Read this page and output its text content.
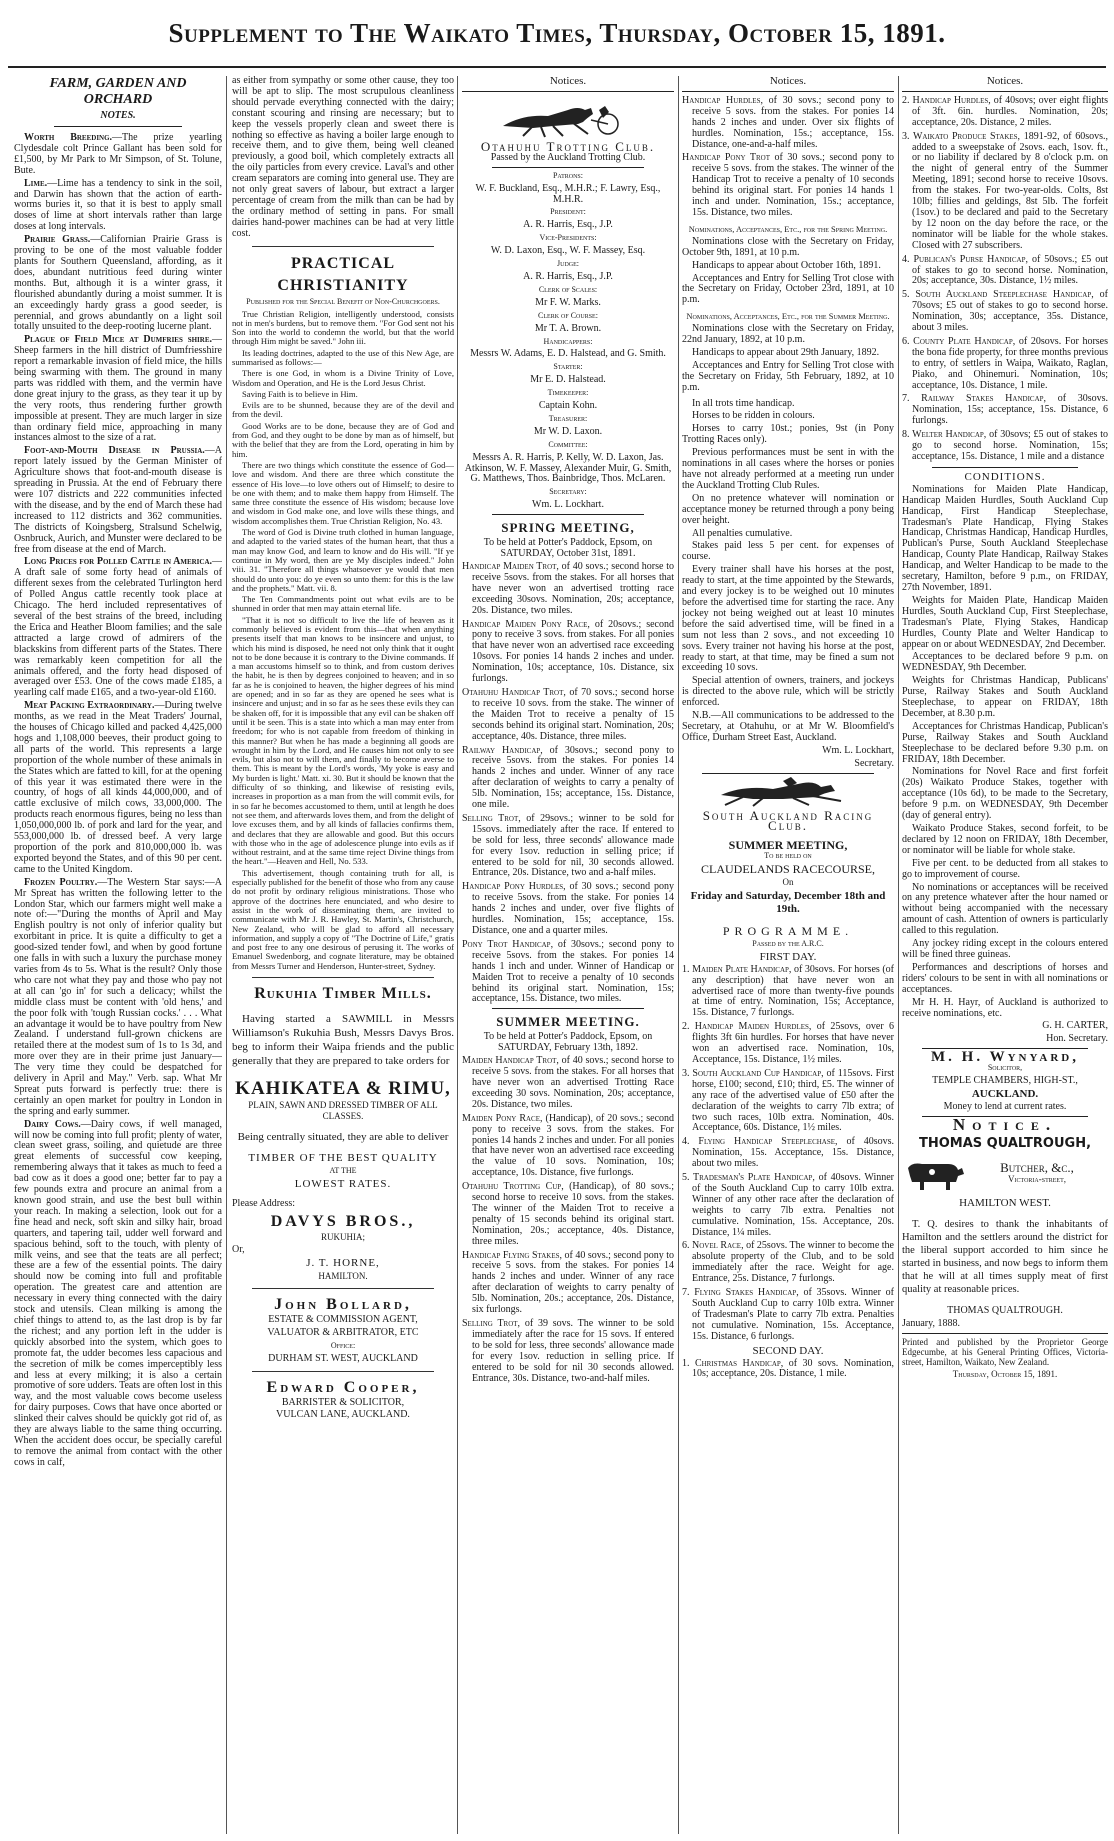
Supplement to The Waikato Times, Thursday, October 15, 1891.
FARM, GARDEN AND ORCHARD
NOTES.

Worth Breeding.—The prize yearling Clydesdale colt Prince Gallant has been sold for £1,500, by Mr Park to Mr Simpson, of St. Tolune, Bute.

Lime.—Lime has a tendency to sink in the soil, and Darwin has shown that the action of earth-worms buries it, so that it is best to apply small doses of lime at short intervals rather than large doses at long intervals.

Prairie Grass.—Californian Prairie Grass is proving to be one of the most valuable fodder plants for Southern Queensland, affording, as it does, abundant nutritious feed during winter months. But, although it is a winter grass, it flourished abundantly during a moist summer. It is an exceedingly hardy grass a good seeder, is perennial, and grows abundantly on a light soil totally unsuited to the deep-rooting lucerne plant.

Plague of Field Mice at Dumfries shire.—Sheep farmers in the hill district of Dumfriesshire report a remarkable invasion of field mice, the hills being swarming with them. The ground in many parts was riddled with them, and the vermin have done great injury to the grass, as they tear it up by the very roots, thus rendering further growth impossible at present. They are much larger in size than ordinary field mice, approaching in many instances almost to the size of a rat.

Foot-and-Mouth Disease in Prussia.—A report lately issued by the German Minister of Agriculture shows that foot-and-mouth disease is spreading in Prussia. At the end of February there were 107 districts and 222 communities infected with the disease, and by the end of March these had increased to 112 districts and 362 communities. The districts of Koingsberg, Stralsund Schelwig, Osnbruck, Aurich, and Munster were declared to be free from disease at the end of March.

Long Prices for Polled Cattle in America.—A draft sale of some forty head of animals of different sexes from the celebrated Turlington herd of Polled Angus cattle recently took place at Chicago. The herd included representatives of several of the best strains of the breed, including the Erica and Heather Bloom families; and the sale attracted a large crowd of admirers of the blackskins from different parts of the States. There was remarkably keen competition for all the animals offered, and the forty head disposed of averaged over £53. One of the cows made £185, a yearling calf made £165, and a two-year-old £160.

Meat Packing Extraordinary.—During twelve months, as we read in the Meat Traders' Journal, the houses of Chicago killed and packed 4,425,000 hogs and 1,108,000 beeves, their product going to all parts of the world. This represents a large proportion of the whole number of these animals in the States which are fatted to kill, for at the opening of this year it was estimated there were in the country, of hogs of all kinds 44,000,000, and of cattle exclusive of milch cows, 33,000,000. The products reach enormous figures, being no less than 1,050,000,000 lb. of pork and lard for the year, and 553,000,000 lb. of dressed beef. A very large proportion of the pork and 810,000,000 lb. was exported beyond the States, and of this 90 per cent. came to the United Kingdom.

Frozen Poultry.—The Western Star says:—A Mr Spreat has written the following letter to the London Star, which our farmers might well make a note of:—"During the months of April and May English poultry is not only of inferior quality but exorbitant in price. It is quite a difficulty to get a good-sized tender fowl, and when by good fortune one falls in with such a luxury the purchase money varies from 4s to 5s. What is the result? Only those who care not what they pay and those who pay not at all can 'go in' for such a delicacy; whilst the middle class must be content with 'old hens,' and the poor folk with 'tough Russian cocks.' . . . What an advantage it would be to have poultry from New Zealand. I understand full-grown chickens are retailed there at the modest sum of 1s to 1s 3d, and more over they are in their prime just January—The very time they could be despatched for delivery in April and May." Verb. sap. What Mr Spreat puts forward is perfectly true: there is certainly an open market for poultry in London in the spring and early summer.

Dairy Cows.—Dairy cows, if well managed, will now be coming into full profit; plenty of water, clean sweet grass, soiling, and quietude are three great elements of successful cow keeping, remembering always that it takes as much to feed a bad cow as it does a good one; better far to pay a few pounds extra and procure an animal from a known good strain, and use the best bull within your reach. In making a selection, look out for a fine head and neck, soft skin and silky hair, broad quarters, and tapering tail, udder well forward and spacious behind, soft to the touch, with plenty of milk veins, and see that the teats are all perfect; these are a few of the essential points. The dairy should now be coming into full and profitable operation. The greatest care and attention are necessary in every thing connected with the dairy stock and utensils. Clean milking is among the chief things to attend to, as the last drop is by far the richest; and any portion left in the udder is quickly absorbed into the system, which goes to promote fat, the udder becomes less capacious and the secretion of milk be comes imperceptibly less and less at every milking; it is also a certain promotive of sore udders. Teats are often lost in this way, and the most valuable cows become useless for dairy purposes. Cows that have once aborted or slinked their calves should be quickly got rid of, as they are always liable to the same thing occurring. When the accident does occur, be specially careful to remove the animal from contact with the other cows in calf,

as either from sympathy or some other cause, they too will be apt to slip. The most scrupulous cleanliness should pervade everything connected with the dairy; constant scouring and rinsing are necessary; but to keep the vessels properly clean and sweet there is nothing so effective as having a boiler large enough to receive them, and to give them, being well cleaned previously, a good boil, which completely extracts all the oily particles from every crevice. Laval's and other cream separators are coming into general use. They are not only great savers of labour, but extract a larger percentage of cream from the milk than can be had by the ordinary method of setting in pans. For small dairies hand-power machines can be had at very little cost.

PRACTICAL CHRISTIANITY

Published for the Special Benefit of Non-Churchgoers.

True Christian Religion, intelligently understood, consists not in men's burdens, but to remove them. "For God sent not his Son into the world to condemn the world, but that the world through Him might be saved." John iii.

Its leading doctrines, adapted to the use of this New Age, are summarised as follows:—

There is one God, in whom is a Divine Trinity of Love, Wisdom and Operation, and He is the Lord Jesus Christ.

Saving Faith is to believe in Him.

Evils are to be shunned, because they are of the devil and from the devil.

Good Works are to be done, because they are of God and from God, and they ought to be done by man as of himself, but with the belief that they are from the Lord, operating in him by him.

There are two things which constitute the essence of God—love and wisdom. And there are three which constitute the essence of His love—to love others out of Himself; to desire to be one with them; and to make them happy from Himself. The same three constitute the essence of His wisdom; because love and wisdom in God make one, and love wills these things, and wisdom accomplishes them. True Christian Religion, No. 43.

The word of God is Divine truth clothed in human language, and adapted to the varied states of the human heart, that thus a man may know God, and learn to know and do His will. "If ye continue in My word, then are ye My disciples indeed." John viii. 31. "Therefore all things whatsoever ye would that men should do unto you: do ye even so unto them: for this is the law and the prophets." Matt. vii. 8.

The Ten Commandments point out what evils are to be shunned in order that men may attain eternal life.

"That it is not so difficult to live the life of heaven as it commonly believed is evident from this—that when anything presents itself that man knows to be insincere and unjust, to which his mind is disposed, he need not only think that it ought not to be done because it is contrary to the Divine commands. If a man accustoms himself so to think, and from custom derives the habit, he is then by degrees conjoined to heaven; and in so far as he is conjoined to heaven, the higher degrees of his mind are opened; and in so far as they are opened he sees what is insincere and unjust; and in so far as he sees these evils they can be shaken off, for it is impossible that any evil can be shaken off until it be seen. This is a state into which a man may enter from freedom; for who is not capable from freedom of thinking in this manner? But when he has made a beginning all goods are wrought in him by the Lord, and He causes him not only to see evils, but also not to will them, and finally to become averse to them. This is meant by the Lord's words, 'My yoke is easy and My burden is light.' Matt. xi. 30. But it should be known that the difficulty of so thinking, and likewise of resisting evils, increases in proportion as a man from the will commit evils, for in so far he becomes accustomed to them, until at length he does not see them, and afterwards loves them, and from the delight of love excuses them, and by all kinds of fallacies confirms them, and declares that they are allowable and good. But this occurs with those who in the age of adolescence plunge into evils as if without restraint, and at the same time reject Divine things from the heart."—Heaven and Hell, No. 533.

This advertisement, though containing truth for all, is especially published for the benefit of those who from any cause do not profit by ordinary religious ministrations. Those who approve of the doctrines here enunciated, and who desire to assist in the work of disseminating them, are invited to communicate with Mr J. R. Hawley, St. Martin's, Christchurch, New Zealand, who will be glad to afford all necessary information, and supply a copy of "The Doctrine of Life," gratis and post free to any one desirous of perusing it. The works of Emanuel Swedenborg, and cognate literature, may be obtained from Messrs Turner and Henderson, Hunter-street, Sydney.

Rukuhia Timber Mills.

Having started a SAWMILL in Messrs Williamson's Rukuhia Bush, Messrs Davys Bros. beg to inform their Waipa friends and the public generally that they are prepared to take orders for

KAHIKATEA & RIMU,

PLAIN, SAWN AND DRESSED TIMBER OF ALL CLASSES.

Being centrally situated, they are able to deliver

TIMBER OF THE BEST QUALITY

AT THE

LOWEST RATES.

Please Address:

DAVYS BROS.,

RUKUHIA;

Or,

J. T. HORNE,

HAMILTON.

John Bollard,

ESTATE & COMMISSION AGENT,

VALUATOR & ARBITRATOR, ETC

Office:

DURHAM ST. WEST, AUCKLAND

Edward Cooper,

BARRISTER & SOLICITOR,

VULCAN LANE, AUCKLAND.

Notices.

Otahuhu Trotting Club.

Passed by the Auckland Trotting Club.

Patrons:

W. F. Buckland, Esq., M.H.R.; F. Lawry, Esq., M.H.R.

President:

A. R. Harris, Esq., J.P.

Vice-Presidents:

W. D. Laxon, Esq., W. F. Massey, Esq.

Judge:

A. R. Harris, Esq., J.P.

Clerk of Scales:

Mr F. W. Marks.

Clerk of Course:

Mr T. A. Brown.

Handicappers:

Messrs W. Adams, E. D. Halstead, and G. Smith.

Starter:

Mr E. D. Halstead.

Timekeeper:

Captain Kohn.

Treasurer:

Mr W. D. Laxon.

Committee:

Messrs A. R. Harris, P. Kelly, W. D. Laxon, Jas. Atkinson, W. F. Massey, Alexander Muir, G. Smith, G. Matthews, Thos. Bainbridge, Thos. McLaren.

Secretary:

Wm. L. Lockhart.

SPRING MEETING,

To be held at Potter's Paddock, Epsom, on SATURDAY, October 31st, 1891.

Handicap Maiden Trot, of 40 sovs.; second horse to receive 5sovs. from the stakes. For all horses that have never won an advertised trotting race exceeding 30sovs. Nomination, 20s; acceptance, 20s. Distance, two miles.

Handicap Maiden Pony Race, of 20sovs.; second pony to receive 3 sovs. from stakes. For all ponies that have never won an advertised race exceeding 10sovs. For ponies 14 hands 2 inches and under. Nomination, 10s; acceptance, 10s. Distance, six furlongs.

Otahuhu Handicap Trot, of 70 sovs.; second horse to receive 10 sovs. from the stake. The winner of the Maiden Trot to receive a penalty of 15 seconds behind its original start. Nomination, 20s; acceptance, 40s. Distance, three miles.

Railway Handicap, of 30sovs.; second pony to receive 5sovs. from the stakes. For ponies 14 hands 2 inches and under. Winner of any race after declaration of weights to carry a penalty of 5lb. Nomination, 15s; acceptance, 15s. Distance, one mile.

Selling Trot, of 29sovs.; winner to be sold for 15sovs. immediately after the race. If entered to be sold for less, three seconds' allowance made for every 1sov. reduction in selling price; if entered to be sold for nil, 30 seconds allowed. Entrance, 20s. Distance, two and a-half miles.

Handicap Pony Hurdles, of 30 sovs.; second pony to receive 5sovs. from the stake. For ponies 14 hands 2 inches and under, over five flights of hurdles. Nomination, 15s; acceptance, 15s. Distance, one and a quarter miles.

Pony Trot Handicap, of 30sovs.; second pony to receive 5sovs. from the stakes. For ponies 14 hands 1 inch and under. Winner of Handicap or Maiden Trot to receive a penalty of 10 seconds behind its original start. Nomination, 15s; acceptance, 15s. Distance, two miles.

SUMMER MEETING.

To be held at Potter's Paddock, Epsom, on SATURDAY, February 13th, 1892.

Maiden Handicap Trot, of 40 sovs.; second horse to receive 5 sovs. from the stakes. For all horses that have never won an advertised Trotting Race exceeding 30 sovs. Nomination, 20s; acceptance, 20s. Distance, two miles.

Maiden Pony Race, (Handicap), of 20 sovs.; second pony to receive 3 sovs. from the stakes. For ponies 14 hands 2 inches and under. For all ponies that have never won an advertised race exceeding the value of 10 sovs. Nomination, 10s; acceptance, 10s. Distance, five furlongs.

Otahuhu Trotting Cup, (Handicap), of 80 sovs.; second horse to receive 10 sovs. from the stakes. The winner of the Maiden Trot to receive a penalty of 15 seconds behind its original start. Nomination, 20s.; acceptance, 40s. Distance, three miles.

Handicap Flying Stakes, of 40 sovs.; second pony to receive 5 sovs. from the stakes. For ponies 14 hands 2 inches and under. Winner of any race after declaration of weights to carry penalty of 5lb. Nomination, 20s.; acceptance, 20s. Distance, six furlongs.

Selling Trot, of 39 sovs. The winner to be sold immediately after the race for 15 sovs. If entered to be sold for less, three seconds' allowance made for every 1sov. reduction in selling price. If entered to be sold for nil 30 seconds allowed. Entrance, 30s. Distance, two-and-half miles.

Notices.

Handicap Hurdles, of 30 sovs.; second pony to receive 5 sovs. from the stakes. For ponies 14 hands 2 inches and under. Over six flights of hurdles. Nomination, 15s.; acceptance, 15s. Distance, one-and-a-half miles.

Handicap Pony Trot of 30 sovs.; second pony to receive 5 sovs. from the stakes. The winner of the Handicap Trot to receive a penalty of 10 seconds behind its original start. For ponies 14 hands 1 inch and under. Nomination, 15s.; acceptance, 15s. Distance, two miles.

Nominations, Acceptances, Etc., for the Spring Meeting.

Nominations close with the Secretary on Friday, October 9th, 1891, at 10 p.m.

Handicaps to appear about October 16th, 1891.

Acceptances and Entry for Selling Trot close with the Secretary on Friday, October 23rd, 1891, at 10 p.m.

Nominations, Acceptances, Etc., for the Summer Meeting.

Nominations close with the Secretary on Friday, 22nd January, 1892, at 10 p.m.

Handicaps to appear about 29th January, 1892.

Acceptances and Entry for Selling Trot close with the Secretary on Friday, 5th February, 1892, at 10 p.m.

In all trots time handicap.

Horses to be ridden in colours.

Horses to carry 10st.; ponies, 9st (in Pony Trotting Races only).

Previous performances must be sent in with the nominations in all cases where the horses or ponies have not already performed at a meeting run under the Auckland Trotting Club Rules.

On no pretence whatever will nomination or acceptance money be returned through a pony being over height.

All penalties cumulative.

Stakes paid less 5 per cent. for expenses of course.

Every trainer shall have his horses at the post, ready to start, at the time appointed by the Stewards, and every jockey is to be weighed out 10 minutes before the advertised time for starting the race. Any jockey not being weighed out at least 10 minutes before the said advertised time, will be fined in a sum not less than 2 sovs., and not exceeding 10 sovs. Every trainer not having his horse at the post, ready to start, at that time, may be fined a sum not exceeding 10 sovs.

Special attention of owners, trainers, and jockeys is directed to the above rule, which will be strictly enforced.

N.B.—All communications to be addressed to the Secretary, at Otahuhu, or at Mr W. Bloomfield's Office, Durham Street East, Auckland.

Wm. L. Lockhart,

Secretary.

South Auckland Racing Club.
SUMMER MEETING,

To be held on

CLAUDELANDS RACECOURSE,

On

Friday and Saturday, December 18th and 19th.

PROGRAMME.

Passed by the A.R.C.

FIRST DAY.

1. Maiden Plate Handicap, of 30sovs. For horses (of any description) that have never won an advertised race of more than twenty-five pounds at time of entry. Nomination, 15s; Acceptance, 15s. Distance, 7 furlongs.

2. Handicap Maiden Hurdles, of 25sovs, over 6 flights 3ft 6in hurdles. For horses that have never won an advertised race. Nomination, 10s, Acceptance, 15s. Distance, 1½ miles.

3. South Auckland Cup Handicap, of 115sovs. First horse, £100; second, £10; third, £5. The winner of any race of the advertised value of £50 after the declaration of the weights to carry 7lb extra; of two such races, 10lb extra. Nomination, 40s. Acceptance, 60s. Distance, 1½ miles.

4. Flying Handicap Steeplechase, of 40sovs. Nomination, 15s. Acceptance, 15s. Distance, about two miles.

5. Tradesman's Plate Handicap, of 40sovs. Winner of the South Auckland Cup to carry 10lb extra. Winner of any other race after the declaration of weights to carry 7lb extra. Penalties not cumulative. Nomination, 15s. Acceptance, 20s. Distance, 1¼ miles.

6. Novel Race, of 25sovs. The winner to become the absolute property of the Club, and to be sold immediately after the race. Weight for age. Entrance, 25s. Distance, 7 furlongs.

7. Flying Stakes Handicap, of 35sovs. Winner of South Auckland Cup to carry 10lb extra. Winner of Tradesman's Plate to carry 7lb extra. Penalties not cumulative. Nomination, 15s. Acceptance, 15s. Distance, 6 furlongs.

SECOND DAY.

1. Christmas Handicap, of 30 sovs. Nomination, 10s; acceptance, 20s. Distance, 1 mile.

Notices.

2. Handicap Hurdles, of 40sovs; over eight flights of 3ft. 6in. hurdles. Nomination, 20s; acceptance, 20s. Distance, 2 miles.

3. Waikato Produce Stakes, 1891-92, of 60sovs., added to a sweepstake of 2sovs. each, 1sov. ft., or no liability if declared by 8 o'clock p.m. on the night of general entry of the Summer Meeting, 1891; second horse to receive 10sovs. from the stakes. For two-year-olds. Colts, 8st 10lb; fillies and geldings, 8st 5lb. The forfeit (1sov.) to be declared and paid to the Secretary by 12 noon on the day before the race, or the nominator will be liable for the whole stakes. Closed with 27 subscribers.

4. Publican's Purse Handicap, of 50sovs.; £5 out of stakes to go to second horse. Nomination, 20s; acceptance, 30s. Distance, 1½ miles.

5. South Auckland Steeplechase Handicap, of 70sovs; £5 out of stakes to go to second horse. Nomination, 30s; acceptance, 35s. Distance, about 3 miles.

6. County Plate Handicap, of 20sovs. For horses the bona fide property, for three months previous to entry, of settlers in Waipa, Waikato, Raglan, Piako, and Ohinemuri. Nomination, 10s; acceptance, 10s. Distance, 1 mile.

7. Railway Stakes Handicap, of 30sovs. Nomination, 15s; acceptance, 15s. Distance, 6 furlongs.

8. Welter Handicap, of 30sovs; £5 out of stakes to go to second horse. Nomination, 15s; acceptance, 15s. Distance, 1 mile and a distance

CONDITIONS.

Nominations for Maiden Plate Handicap, Handicap Maiden Hurdles, South Auckland Cup Handicap, First Handicap Steeplechase, Tradesman's Plate Handicap, Flying Stakes Handicap, Christmas Handicap, Handicap Hurdles, Publican's Purse, South Auckland Steeplechase Handicap, County Plate Handicap, Railway Stakes Handicap, and Welter Handicap to be made to the secretary, Hamilton, before 9 p.m., on FRIDAY, 27th November, 1891.

Weights for Maiden Plate, Handicap Maiden Hurdles, South Auckland Cup, First Steeplechase, Tradesman's Plate, Flying Stakes, Handicap Hurdles, County Plate and Welter Handicap to appear on or about WEDNESDAY, 2nd December.

Acceptances to be declared before 9 p.m. on WEDNESDAY, 9th December.

Weights for Christmas Handicap, Publicans' Purse, Railway Stakes and South Auckland Steeplechase, to appear on FRIDAY, 18th December, at 8.30 p.m.

Acceptances for Christmas Handicap, Publican's Purse, Railway Stakes and South Auckland Steeplechase to be declared before 9.30 p.m. on FRIDAY, 18th December.

Nominations for Novel Race and first forfeit (20s) Waikato Produce Stakes, together with acceptance (10s 6d), to be made to the Secretary, before 9 p.m. on WEDNESDAY, 9th December (day of general entry).

Waikato Produce Stakes, second forfeit, to be declared by 12 noon on FRIDAY, 18th December, or nominator will be liable for whole stake.

Five per cent. to be deducted from all stakes to go to improvement of course.

No nominations or acceptances will be received on any pretence whatever after the hour named or without being accompanied with the necessary amount of cash. Attention of owners is particularly called to this regulation.

Any jockey riding except in the colours entered will be fined three guineas.

Performances and descriptions of horses and riders' colours to be sent in with all nominations or acceptances.

Mr H. H. Hayr, of Auckland is authorized to receive nominations, etc.

G. H. CARTER,

Hon. Secretary.

M. H. Wynyard,

Solicitor,

TEMPLE CHAMBERS, HIGH-ST.,

AUCKLAND.

Money to lend at current rates.

Notice.
THOMAS QUALTROUGH,
Butcher, &c.,
Victoria-street,

HAMILTON WEST.

T. Q. desires to thank the inhabitants of Hamilton and the settlers around the district for the liberal support accorded to him since he started in business, and now begs to inform them that he will at all times supply meat of first quality at reasonable prices.

THOMAS QUALTROUGH.

January, 1888.

Printed and published by the Proprietor George Edgecumbe, at his General Printing Offices, Victoria-street, Hamilton, Waikato, New Zealand.

Thursday, October 15, 1891.
